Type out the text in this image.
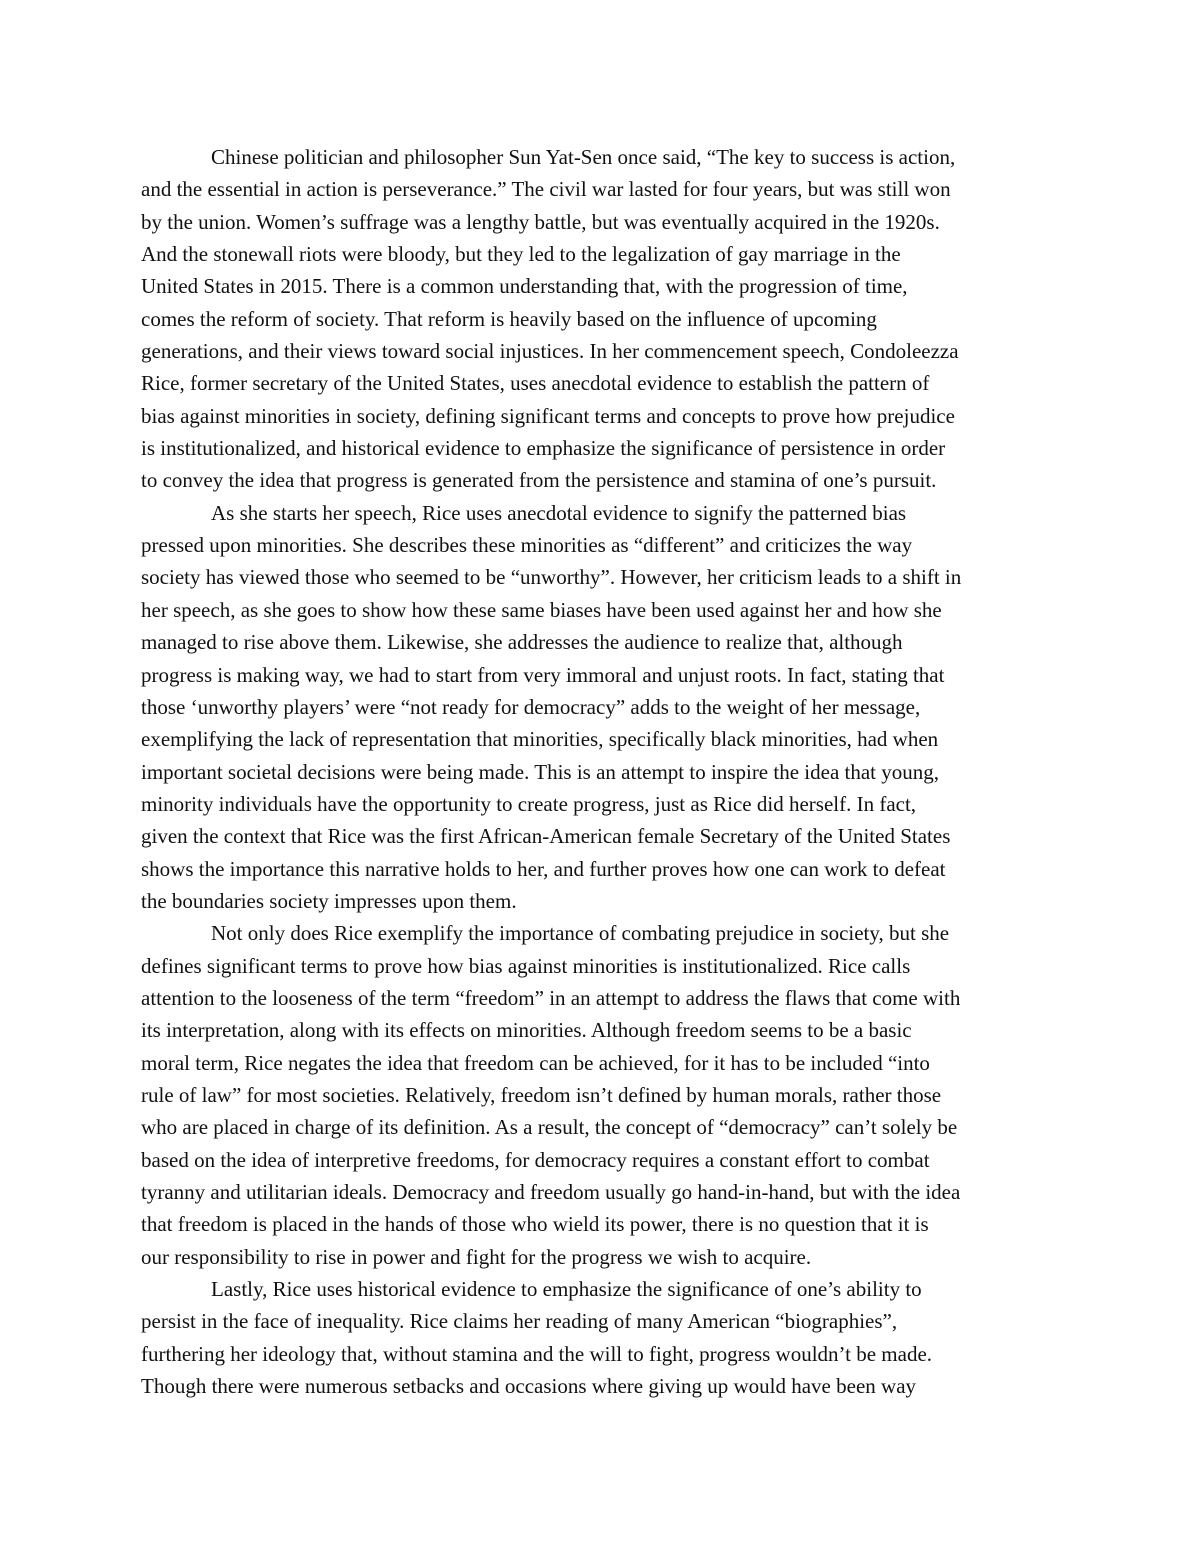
Chinese politician and philosopher Sun Yat-Sen once said, “The key to success is action,
and the essential in action is perseverance.” The civil war lasted for four years, but was still won
by the union. Women’s suffrage was a lengthy battle, but was eventually acquired in the 1920s.
And the stonewall riots were bloody, but they led to the legalization of gay marriage in the
United States in 2015. There is a common understanding that, with the progression of time,
comes the reform of society. That reform is heavily based on the influence of upcoming
generations, and their views toward social injustices. In her commencement speech, Condoleezza
Rice, former secretary of the United States, uses anecdotal evidence to establish the pattern of
bias against minorities in society, defining significant terms and concepts to prove how prejudice
is institutionalized, and historical evidence to emphasize the significance of persistence in order
to convey the idea that progress is generated from the persistence and stamina of one’s pursuit.
As she starts her speech, Rice uses anecdotal evidence to signify the patterned bias
pressed upon minorities. She describes these minorities as “different” and criticizes the way
society has viewed those who seemed to be “unworthy”. However, her criticism leads to a shift in
her speech, as she goes to show how these same biases have been used against her and how she
managed to rise above them. Likewise, she addresses the audience to realize that, although
progress is making way, we had to start from very immoral and unjust roots. In fact, stating that
those ‘unworthy players’ were “not ready for democracy” adds to the weight of her message,
exemplifying the lack of representation that minorities, specifically black minorities, had when
important societal decisions were being made. This is an attempt to inspire the idea that young,
minority individuals have the opportunity to create progress, just as Rice did herself. In fact,
given the context that Rice was the first African-American female Secretary of the United States
shows the importance this narrative holds to her, and further proves how one can work to defeat
the boundaries society impresses upon them.
Not only does Rice exemplify the importance of combating prejudice in society, but she
defines significant terms to prove how bias against minorities is institutionalized. Rice calls
attention to the looseness of the term “freedom” in an attempt to address the flaws that come with
its interpretation, along with its effects on minorities. Although freedom seems to be a basic
moral term, Rice negates the idea that freedom can be achieved, for it has to be included “into
rule of law” for most societies. Relatively, freedom isn’t defined by human morals, rather those
who are placed in charge of its definition. As a result, the concept of “democracy” can’t solely be
based on the idea of interpretive freedoms, for democracy requires a constant effort to combat
tyranny and utilitarian ideals. Democracy and freedom usually go hand-in-hand, but with the idea
that freedom is placed in the hands of those who wield its power, there is no question that it is
our responsibility to rise in power and fight for the progress we wish to acquire.
Lastly, Rice uses historical evidence to emphasize the significance of one’s ability to
persist in the face of inequality. Rice claims her reading of many American “biographies”,
furthering her ideology that, without stamina and the will to fight, progress wouldn’t be made.
Though there were numerous setbacks and occasions where giving up would have been way
